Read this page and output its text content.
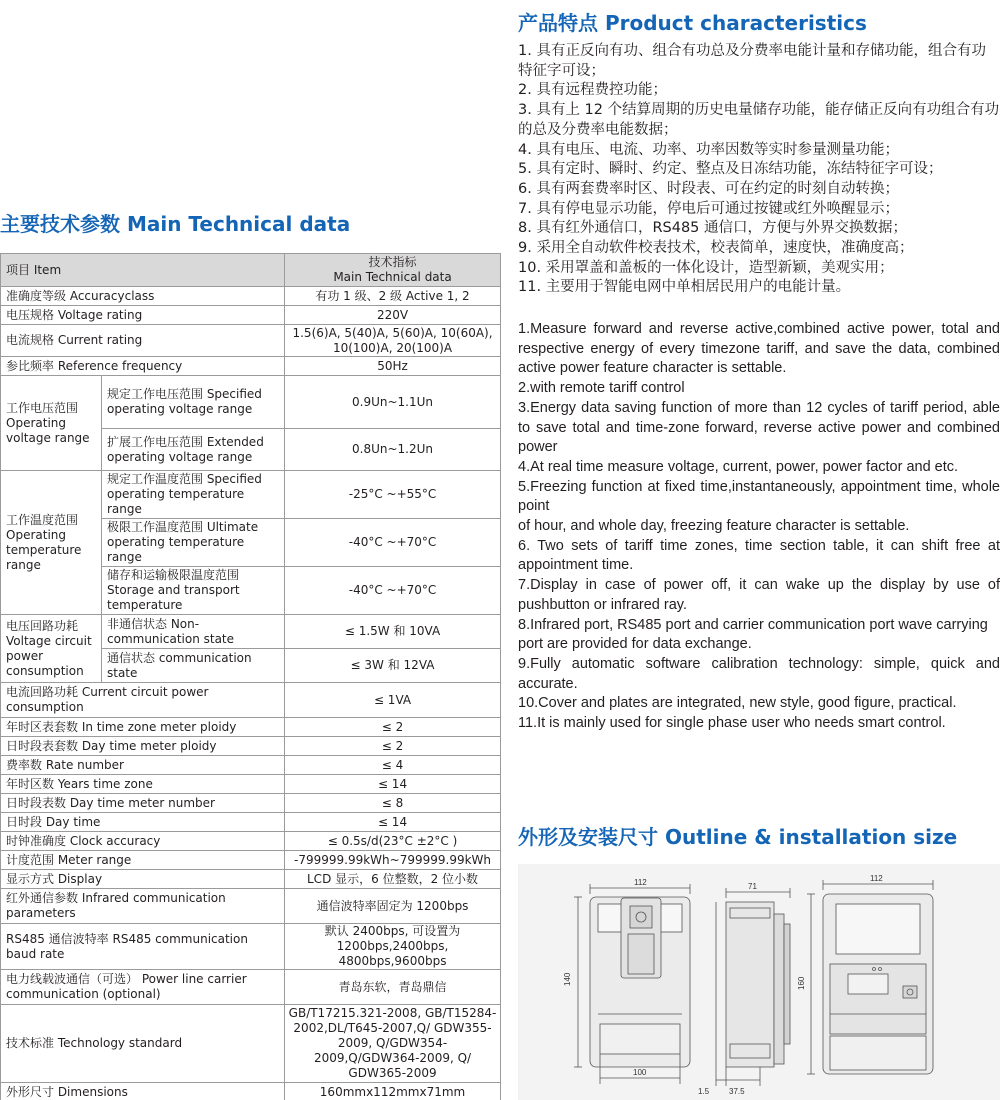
主要技术参数 Main Technical data
项目 Item		技术指标
Main Technical data
准确度等级 Accuracyclass		有功 1 级、2 级 Active 1, 2
电压规格 Voltage rating		220V
电流规格 Current rating		1.5(6)A, 5(40)A, 5(60)A, 10(60A), 10(100)A, 20(100)A
参比频率 Reference frequency		50Hz
工作电压范围 Operating voltage range	规定工作电压范围 Specified operating voltage range	0.9Un~1.1Un
	扩展工作电压范围 Extended operating voltage range	0.8Un~1.2Un
工作温度范围 Operating temperature range	规定工作温度范围 Specified operating temperature range	-25°C ~+55°C
	极限工作温度范围 Ultimate operating temperature range	-40°C ~+70°C
	储存和运输极限温度范围 Storage and transport temperature	-40°C ~+70°C
电压回路功耗 Voltage circuit power consumption	非通信状态 Non-communication state	≤ 1.5W 和 10VA
	通信状态 communication state	≤ 3W 和 12VA
电流回路功耗 Current circuit power consumption		≤ 1VA
年时区表套数 In time zone meter ploidy		≤ 2
日时段表套数 Day time meter ploidy		≤ 2
费率数 Rate number		≤ 4
年时区数 Years time zone		≤ 14
日时段表数 Day time meter number		≤ 8
日时段 Day time		≤ 14
时钟准确度 Clock accuracy		≤ 0.5s/d(23°C ±2°C )
计度范围 Meter range		-799999.99kWh~799999.99kWh
显示方式 Display		LCD 显示，6 位整数，2 位小数
红外通信参数 Infrared communication parameters		通信波特率固定为 1200bps
RS485 通信波特率 RS485 communication baud rate		默认 2400bps, 可设置为 1200bps,2400bps, 4800bps,9600bps
电力线载波通信（可选） Power line carrier communication (optional)		青岛东软，青岛鼎信
技术标准 Technology standard		GB/T17215.321-2008, GB/T15284-2002,DL/T645-2007,Q/ GDW355-2009, Q/GDW354-2009,Q/GDW364-2009, Q/ GDW365-2009
外形尺寸 Dimensions		160mmx112mmx71mm
产品特点 Product characteristics
1. 具有正反向有功、组合有功总及分费率电能计量和存储功能，组合有功特征字可设；
2. 具有远程费控功能；
3. 具有上 12 个结算周期的历史电量储存功能，能存储正反向有功组合有功的总及分费率电能数据；
4. 具有电压、电流、功率、功率因数等实时参量测量功能；
5. 具有定时、瞬时、约定、整点及日冻结功能，冻结特征字可设；
6. 具有两套费率时区、时段表、可在约定的时刻自动转换；
7. 具有停电显示功能，停电后可通过按键或红外唤醒显示；
8. 具有红外通信口，RS485 通信口，方便与外界交换数据；
9. 采用全自动软件校表技术，校表简单，速度快，准确度高；
10. 采用罩盖和盖板的一体化设计，造型新颖，美观实用；
11. 主要用于智能电网中单相居民用户的电能计量。
1.Measure forward and reverse active,combined active power, total and respective energy of every timezone tariff, and save the data, combined active power feature character is settable.
2.with remote tariff control
3.Energy data saving function of more than 12 cycles of tariff period, able to save total and time-zone forward, reverse active power and combined power
4.At real time measure voltage, current, power, power factor and etc.
5.Freezing function at fixed time,instantaneously, appointment time, whole point
of hour, and whole day, freezing feature character is settable.
6. Two sets of tariff time zones, time section table, it can shift free at appointment time.
7.Display in case of power off, it can wake up the display by use of pushbutton or infrared ray.
8.Infrared port, RS485 port and carrier communication port wave carrying
port are provided for data exchange.
9.Fully automatic software calibration technology: simple, quick and accurate.
10.Cover and plates are integrated, new style, good figure, practical.
11.It is mainly used for single phase user who needs smart control.
外形及安装尺寸 Outline & installation size
112
140
100
71
1.5 37.5
112
160
